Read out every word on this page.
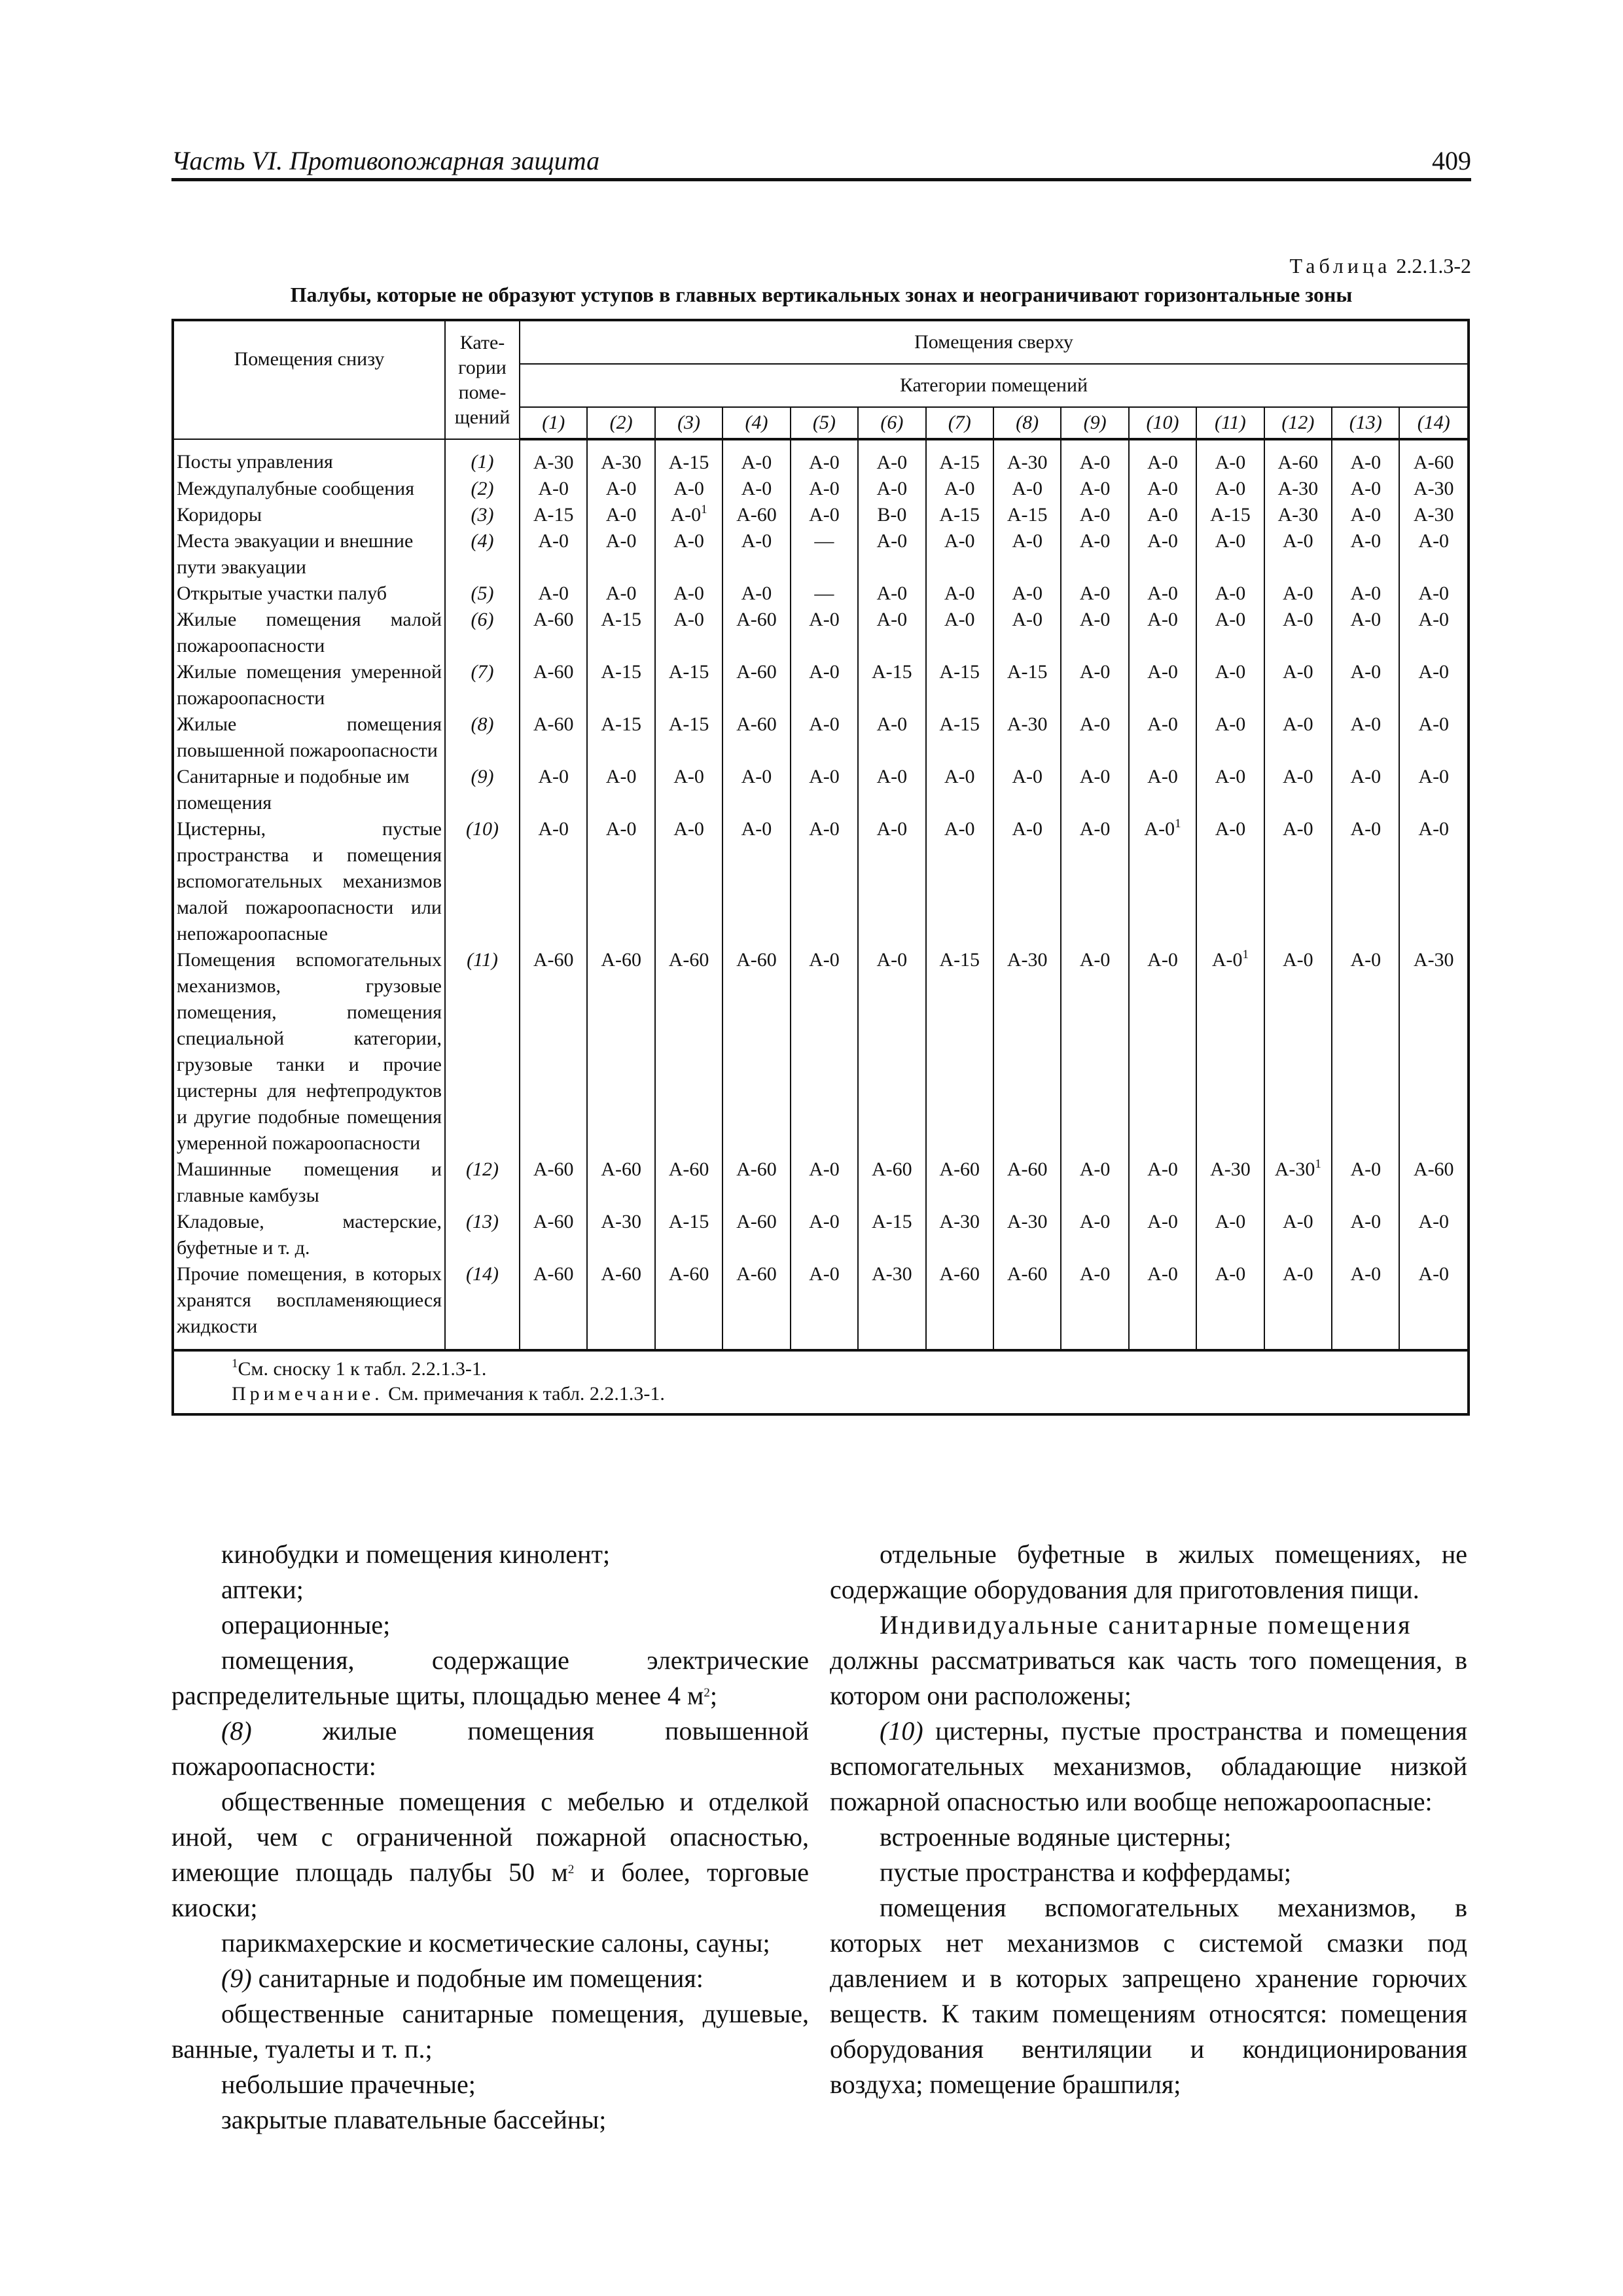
Часть VI. Противопожарная защита	409
Таблица 2.2.1.3-2
Палубы, которые не образуют уступов в главных вертикальных зонах и неограничивают горизонтальные зоны
Помещения снизу	Кате-
гории
поме-
щений	Помещения сверху													
		Категории помещений													
		(1)	(2)	(3)	(4)	(5)	(6)	(7)	(8)	(9)	(10)	(11)	(12)	(13)	(14)
Посты управления	(1)	А-30	А-30	А-15	А-0	А-0	А-0	А-15	А-30	А-0	А-0	А-0	А-60	А-0	А-60
Междупалубные сообщения	(2)	А-0	А-0	А-0	А-0	А-0	А-0	А-0	А-0	А-0	А-0	А-0	А-30	А-0	А-30
Коридоры	(3)	А-15	А-0	$А-0^1$	А-60	А-0	В-0	А-15	А-15	А-0	А-0	А-15	А-30	А-0	А-30
Места эвакуации и внешние пути эвакуации	(4)	А-0	А-0	А-0	А-0	—	А-0	А-0	А-0	А-0	А-0	А-0	А-0	А-0	А-0
Открытые участки палуб	(5)	А-0	А-0	А-0	А-0	—	А-0	А-0	А-0	А-0	А-0	А-0	А-0	А-0	А-0
Жилые помещения малой пожароопасности	(6)	А-60	А-15	А-0	А-60	А-0	А-0	А-0	А-0	А-0	А-0	А-0	А-0	А-0	А-0
Жилые помещения умеренной пожароопасности	(7)	А-60	А-15	А-15	А-60	А-0	А-15	А-15	А-15	А-0	А-0	А-0	А-0	А-0	А-0
Жилые помещения повышенной пожароопасности	(8)	А-60	А-15	А-15	А-60	А-0	А-0	А-15	А-30	А-0	А-0	А-0	А-0	А-0	А-0
Санитарные и подобные им помещения	(9)	А-0	А-0	А-0	А-0	А-0	А-0	А-0	А-0	А-0	А-0	А-0	А-0	А-0	А-0
Цистерны, пустые пространства и помещения вспомогательных механизмов малой пожароопасности или непожароопасные	(10)	А-0	А-0	А-0	А-0	А-0	А-0	А-0	А-0	А-0	$А-0^1$	А-0	А-0	А-0	А-0
Помещения вспомогательных механизмов, грузовые помещения, помещения специальной категории, грузовые танки и прочие цистерны для нефтепродуктов и другие подобные помещения умеренной пожароопасности	(11)	А-60	А-60	А-60	А-60	А-0	А-0	А-15	А-30	А-0	А-0	$А-0^1$	А-0	А-0	А-30
Машинные помещения и главные камбузы	(12)	А-60	А-60	А-60	А-60	А-0	А-60	А-60	А-60	А-0	А-0	А-30	$А-30^1$	А-0	А-60
Кладовые, мастерские, буфетные и т. д.	(13)	А-60	А-30	А-15	А-60	А-0	А-15	А-30	А-30	А-0	А-0	А-0	А-0	А-0	А-0
Прочие помещения, в которых хранятся воспламеняющиеся жидкости	(14)	А-60	А-60	А-60	А-60	А-0	А-30	А-60	А-60	А-0	А-0	А-0	А-0	А-0	А-0
$^1$См. сноску 1 к табл. 2.2.1.3-1.
Примечание. См. примечания к табл. 2.2.1.3-1.

кинобудки и помещения кинолент;

аптеки;

операционные;

помещения, содержащие электрические распределительные щиты, площадью менее 4 $м^2$;

(8)	жилые помещения повышенной пожароопасности:

общественные помещения с мебелью и отделкой иной, чем с ограниченной пожарной опасностью, имеющие площадь палубы 50 $м^2$ и более, торговые киоски;

парикмахерские и косметические салоны, сауны;

(9) санитарные и подобные им помещения:

общественные санитарные помещения, душевые, ванные, туалеты и т. п.;

небольшие прачечные;

закрытые плавательные бассейны;

отдельные буфетные в жилых помещениях, не содержащие оборудования для приготовления пищи.

Индивидуальные санитарные помещения

должны рассматриваться как часть того помещения, в котором они расположены;

(10) цистерны, пустые пространства и помещения вспомогательных механизмов, обладающие низкой пожарной опасностью или вообще непожароопасные:

встроенные водяные цистерны;

пустые пространства и коффердамы;

помещения вспомогательных механизмов, в которых нет механизмов с системой смазки под давлением и в которых запрещено хранение горючих веществ. К таким помещениям относятся: помещения оборудования вентиляции и кондиционирования воздуха; помещение брашпиля;
